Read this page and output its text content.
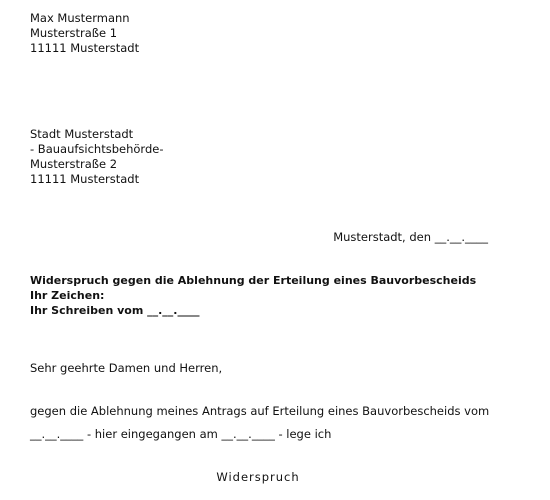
Max Mustermann
Musterstraße 1
11111 Musterstadt
Stadt Musterstadt
- Bauaufsichtsbehörde-
Musterstraße 2
11111 Musterstadt
Musterstadt, den __.__.____
Widerspruch gegen die Ablehnung der Erteilung eines Bauvorbescheids
Ihr Zeichen:
Ihr Schreiben vom __.__.____
Sehr geehrte Damen und Herren,
gegen die Ablehnung meines Antrags auf Erteilung eines Bauvorbescheids vom
__.__.____ - hier eingegangen am __.__.____ - lege ich
Widerspruch
